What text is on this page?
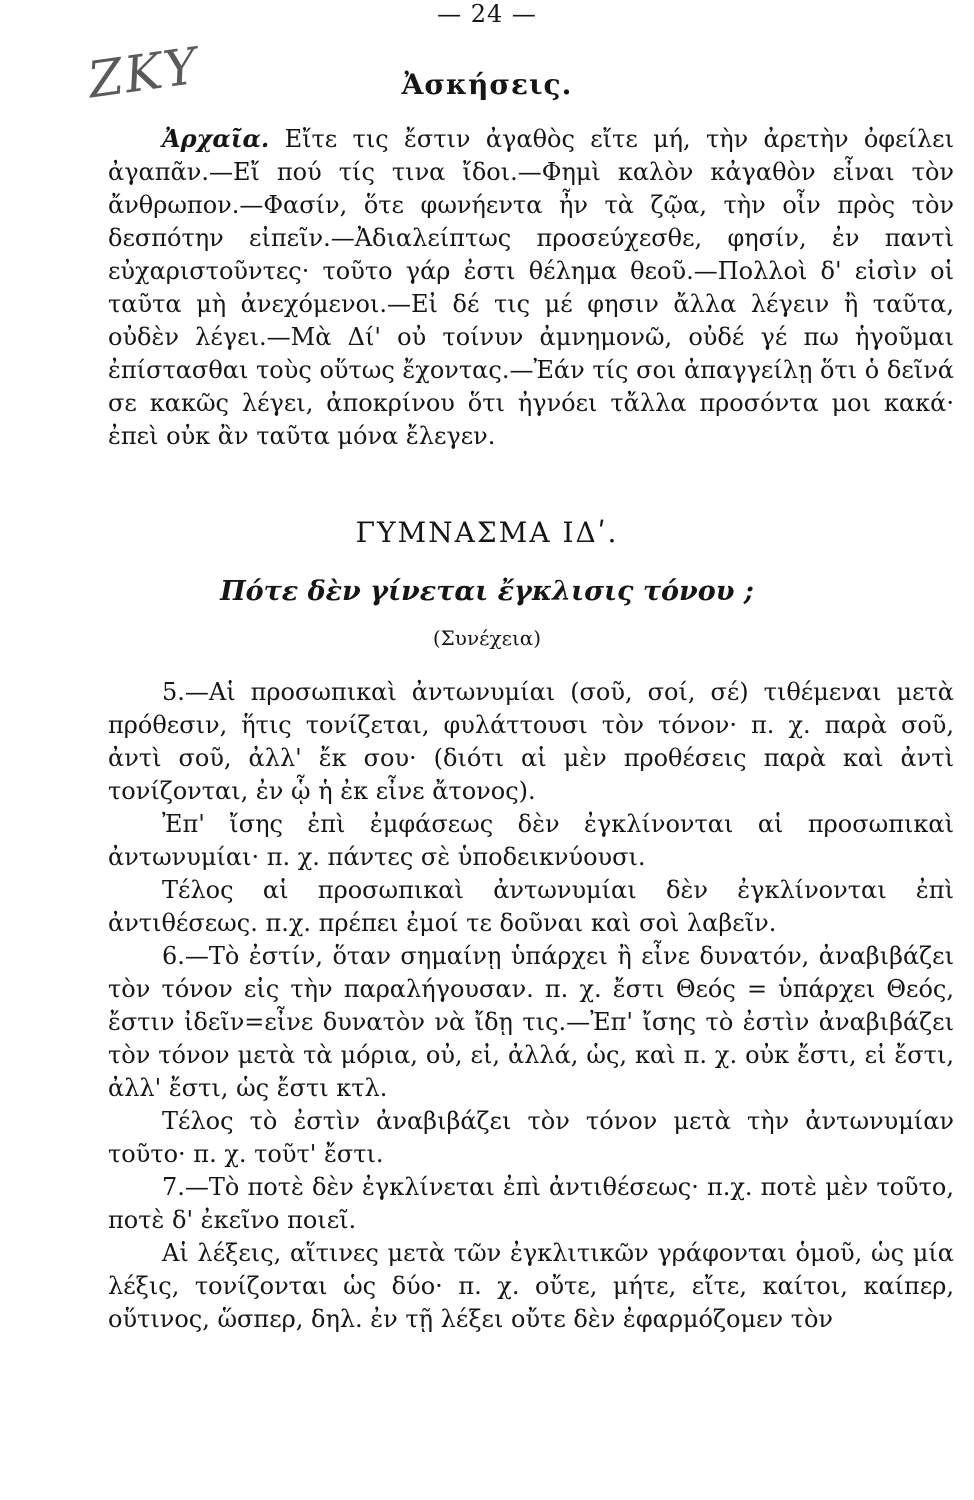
— 24 —
ΖΚΥ	Ἀσκήσεις.

Ἀρχαῖα. Εἴτε τις ἔστιν ἀγαθὸς εἴτε μή, τὴν ἀρετὴν ὀφείλει ἀγαπᾶν.—Εἴ πού τίς τινα ἴδοι.—Φημὶ καλὸν κἀγαθὸν εἶναι τὸν ἄνθρωπον.—Φασίν, ὅτε φωνήεντα ἦν τὰ ζῷα, τὴν οἶν πρὸς τὸν δεσπότην εἰπεῖν.—Ἀδιαλείπτως προσεύχεσθε, φησίν, ἐν παντὶ εὐχαριστοῦντες· τοῦτο γάρ ἐστι θέλημα θεοῦ.—Πολλοὶ δ' εἰσὶν οἱ ταῦτα μὴ ἀνεχόμενοι.—Εἰ δέ τις μέ φησιν ἄλλα λέγειν ἢ ταῦτα, οὐδὲν λέγει.—Μὰ Δί' οὐ τοίνυν ἀμνημονῶ, οὐδέ γέ πω ἡγοῦμαι ἐπίστασθαι τοὺς οὕτως ἔχοντας.—Ἐάν τίς σοι ἀπαγγείλῃ ὅτι ὁ δεῖνά σε κακῶς λέγει, ἀποκρίνου ὅτι ἠγνόει τἄλλα προσόντα μοι κακά· ἐπεὶ οὐκ ἂν ταῦτα μόνα ἔλεγεν.

ΓΥΜΝΑΣΜΑ ΙΔʹ.
Πότε δὲν γίνεται ἔγκλισις τόνου ;
(Συνέχεια)

5.—Αἱ προσωπικαὶ ἀντωνυμίαι (σοῦ, σοί, σέ) τιθέμεναι μετὰ πρόθεσιν, ἥτις τονίζεται, φυλάττουσι τὸν τόνον· π. χ. παρὰ σοῦ, ἀντὶ σοῦ, ἀλλ' ἔκ σου· (διότι αἱ μὲν προθέσεις παρὰ καὶ ἀντὶ τονίζονται, ἐν ᾧ ἡ ἐκ εἶνε ἄτονος).

Ἐπ' ἴσης ἐπὶ ἐμφάσεως δὲν ἐγκλίνονται αἱ προσωπικαὶ ἀντωνυμίαι· π. χ. πάντες σὲ ὑποδεικνύουσι.

Τέλος αἱ προσωπικαὶ ἀντωνυμίαι δὲν ἐγκλίνονται ἐπὶ ἀντιθέσεως. π.χ. πρέπει ἐμοί τε δοῦναι καὶ σοὶ λαβεῖν.

6.—Τὸ ἐστίν, ὅταν σημαίνῃ ὑπάρχει ἢ εἶνε δυνατόν, ἀναβιβάζει τὸν τόνον εἰς τὴν παραλήγουσαν. π. χ. ἔστι Θεός = ὑπάρχει Θεός, ἔστιν ἰδεῖν=εἶνε δυνατὸν νὰ ἴδῃ τις.—Ἐπ' ἴσης τὸ ἐστὶν ἀναβιβάζει τὸν τόνον μετὰ τὰ μόρια, οὐ, εἰ, ἀλλά, ὡς, καὶ π. χ. οὐκ ἔστι, εἰ ἔστι, ἀλλ' ἔστι, ὡς ἔστι κτλ.

Τέλος τὸ ἐστὶν ἀναβιβάζει τὸν τόνον μετὰ τὴν ἀντωνυμίαν τοῦτο· π. χ. τοῦτ' ἔστι.

7.—Τὸ ποτὲ δὲν ἐγκλίνεται ἐπὶ ἀντιθέσεως· π.χ. ποτὲ μὲν τοῦτο, ποτὲ δ' ἐκεῖνο ποιεῖ.

Αἱ λέξεις, αἵτινες μετὰ τῶν ἐγκλιτικῶν γράφονται ὁμοῦ, ὡς μία λέξις, τονίζονται ὡς δύο· π. χ. οὔτε, μήτε, εἴτε, καίτοι, καίπερ, οὕτινος, ὥσπερ, δηλ. ἐν τῇ λέξει οὔτε δὲν ἐφαρμόζομεν τὸν
